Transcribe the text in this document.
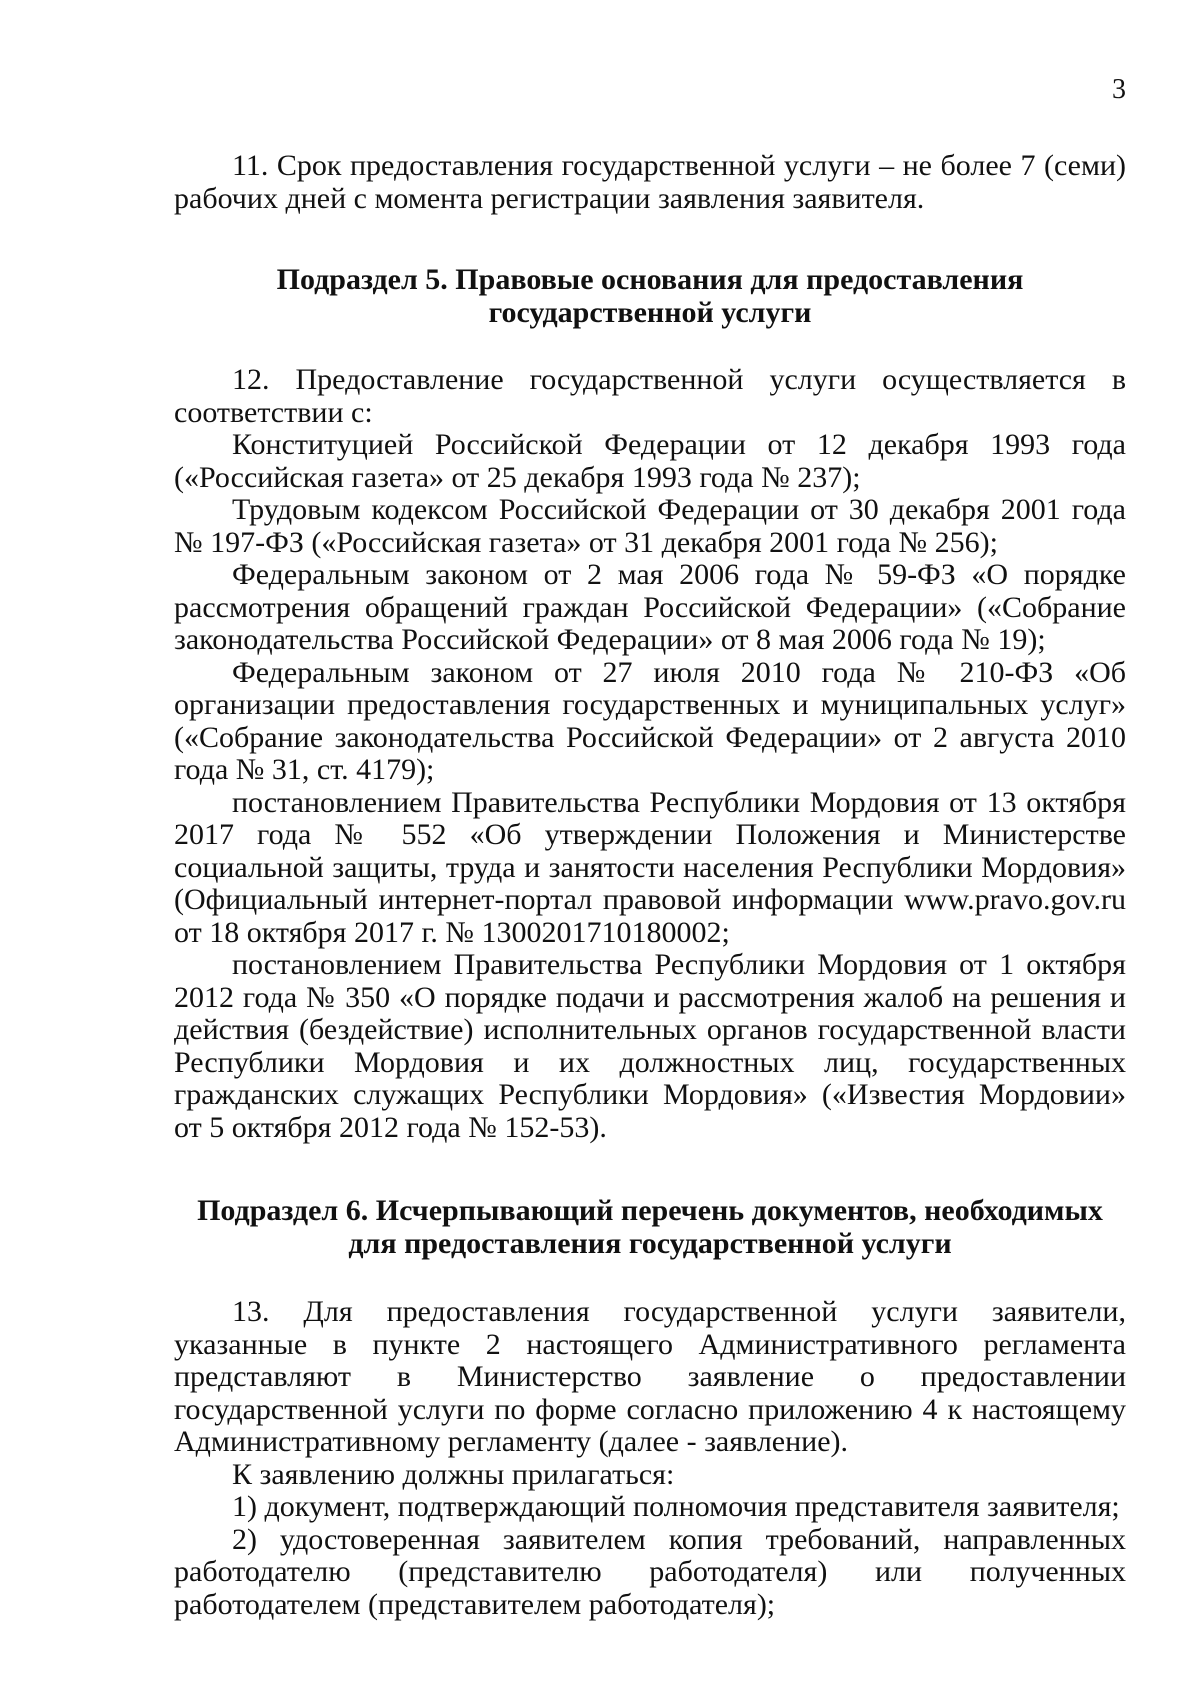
3

11. Срок предоставления государственной услуги – не более 7 (семи) рабочих дней с момента регистрации заявления заявителя.

Подраздел 5. Правовые основания для предоставления государственной услуги

12. Предоставление государственной услуги осуществляется в соответствии с:

Конституцией Российской Федерации от 12 декабря 1993 года («Российская газета» от 25 декабря 1993 года № 237);

Трудовым кодексом Российской Федерации от 30 декабря 2001 года № 197-ФЗ («Российская газета» от 31 декабря 2001 года № 256);

Федеральным законом от 2 мая 2006 года № 59-ФЗ «О порядке рассмотрения обращений граждан Российской Федерации» («Собрание законодательства Российской Федерации» от 8 мая 2006 года № 19);

Федеральным законом от 27 июля 2010 года № 210-ФЗ «Об организации предоставления государственных и муниципальных услуг» («Собрание законодательства Российской Федерации» от 2 августа 2010 года № 31, ст. 4179);

постановлением Правительства Республики Мордовия от 13 октября 2017 года № 552 «Об утверждении Положения и Министерстве социальной защиты, труда и занятости населения Республики Мордовия» (Официальный интернет-портал правовой информации www.pravo.gov.ru от 18 октября 2017 г. № 1300201710180002;

постановлением Правительства Республики Мордовия от 1 октября 2012 года № 350 «О порядке подачи и рассмотрения жалоб на решения и действия (бездействие) исполнительных органов государственной власти Республики Мордовия и их должностных лиц, государственных гражданских служащих Республики Мордовия» («Известия Мордовии» от 5 октября 2012 года № 152-53).

Подраздел 6. Исчерпывающий перечень документов, необходимых для предоставления государственной услуги

13. Для предоставления государственной услуги заявители, указанные в пункте 2 настоящего Административного регламента представляют в Министерство заявление о предоставлении государственной услуги по форме согласно приложению 4 к настоящему Административному регламенту (далее - заявление).

К заявлению должны прилагаться:

1) документ, подтверждающий полномочия представителя заявителя;

2) удостоверенная заявителем копия требований, направленных работодателю (представителю работодателя) или полученных работодателем (представителем работодателя);
